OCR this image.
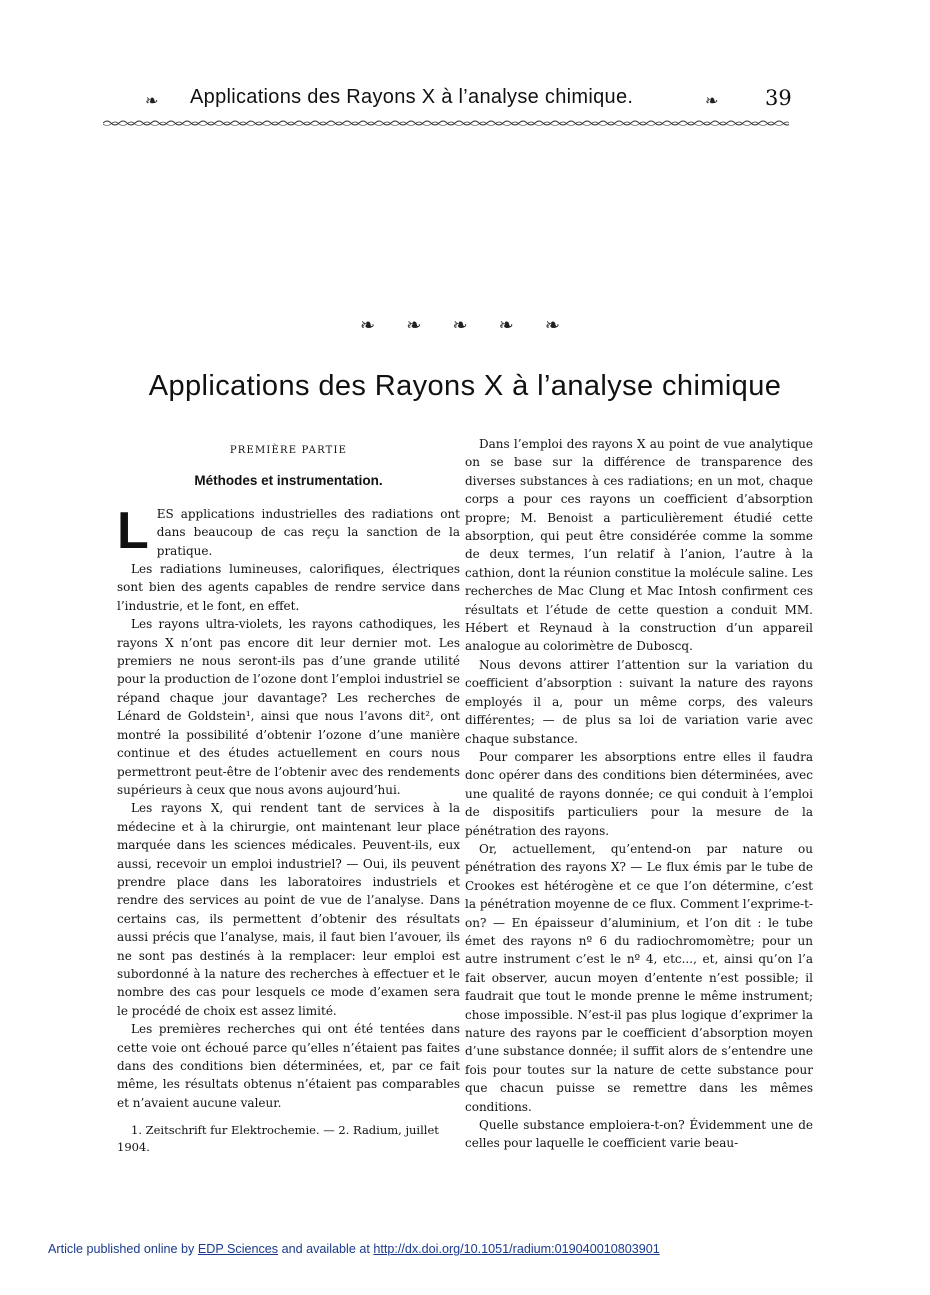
❧ Applications des Rayons X à l’analyse chimique.	❧ 39
❧ ❧ ❧ ❧ ❧
Applications des Rayons X à l’analyse chimique
PREMIÈRE PARTIE
Méthodes et instrumentation.

LES applications industrielles des radiations ont dans beaucoup de cas reçu la sanction de la pratique.

Les radiations lumineuses, calorifiques, électriques sont bien des agents capables de rendre service dans l’industrie, et le font, en effet.

Les rayons ultra-violets, les rayons cathodiques, les rayons X n’ont pas encore dit leur dernier mot. Les premiers ne nous seront-ils pas d’une grande utilité pour la production de l’ozone dont l’emploi industriel se répand chaque jour davantage? Les recherches de Lénard de Goldstein¹, ainsi que nous l’avons dit², ont montré la possibilité d’obtenir l’ozone d’une manière continue et des études actuellement en cours nous permettront peut-être de l’obtenir avec des rendements supérieurs à ceux que nous avons aujourd’hui.

Les rayons X, qui rendent tant de services à la médecine et à la chirurgie, ont maintenant leur place marquée dans les sciences médicales. Peuvent-ils, eux aussi, recevoir un emploi industriel? — Oui, ils peuvent prendre place dans les laboratoires industriels et rendre des services au point de vue de l’analyse. Dans certains cas, ils permettent d’obtenir des résultats aussi précis que l’analyse, mais, il faut bien l’avouer, ils ne sont pas destinés à la remplacer: leur emploi est subordonné à la nature des recherches à effectuer et le nombre des cas pour lesquels ce mode d’examen sera le procédé de choix est assez limité.

Les premières recherches qui ont été tentées dans cette voie ont échoué parce qu’elles n’étaient pas faites dans des conditions bien déterminées, et, par ce fait même, les résultats obtenus n’étaient pas comparables et n’avaient aucune valeur.

1. Zeitschrift fur Elektrochemie. — 2. Radium, juillet 1904.

Dans l’emploi des rayons X au point de vue analytique on se base sur la différence de transparence des diverses substances à ces radiations; en un mot, chaque corps a pour ces rayons un coefficient d’absorption propre; M. Benoist a particulièrement étudié cette absorption, qui peut être considérée comme la somme de deux termes, l’un relatif à l’anion, l’autre à la cathion, dont la réunion constitue la molécule saline. Les recherches de Mac Clung et Mac Intosh confirment ces résultats et l’étude de cette question a conduit MM. Hébert et Reynaud à la construction d’un appareil analogue au colorimètre de Duboscq.

Nous devons attirer l’attention sur la variation du coefficient d’absorption : suivant la nature des rayons employés il a, pour un même corps, des valeurs différentes; — de plus sa loi de variation varie avec chaque substance.

Pour comparer les absorptions entre elles il faudra donc opérer dans des conditions bien déterminées, avec une qualité de rayons donnée; ce qui conduit à l’emploi de dispositifs particuliers pour la mesure de la pénétration des rayons.

Or, actuellement, qu’entend-on par nature ou pénétration des rayons X? — Le flux émis par le tube de Crookes est hétérogène et ce que l’on détermine, c’est la pénétration moyenne de ce flux. Comment l’exprime-t-on? — En épaisseur d’aluminium, et l’on dit : le tube émet des rayons nº 6 du radiochromomètre; pour un autre instrument c’est le nº 4, etc..., et, ainsi qu’on l’a fait observer, aucun moyen d’entente n’est possible; il faudrait que tout le monde prenne le même instrument; chose impossible. N’est-il pas plus logique d’exprimer la nature des rayons par le coefficient d’absorption moyen d’une substance donnée; il suffit alors de s’entendre une fois pour toutes sur la nature de cette substance pour que chacun puisse se remettre dans les mêmes conditions.

Quelle substance emploiera-t-on? Évidemment une de celles pour laquelle le coefficient varie beau-

Article published online by EDP Sciences and available at http://dx.doi.org/10.1051/radium:019040010803901
